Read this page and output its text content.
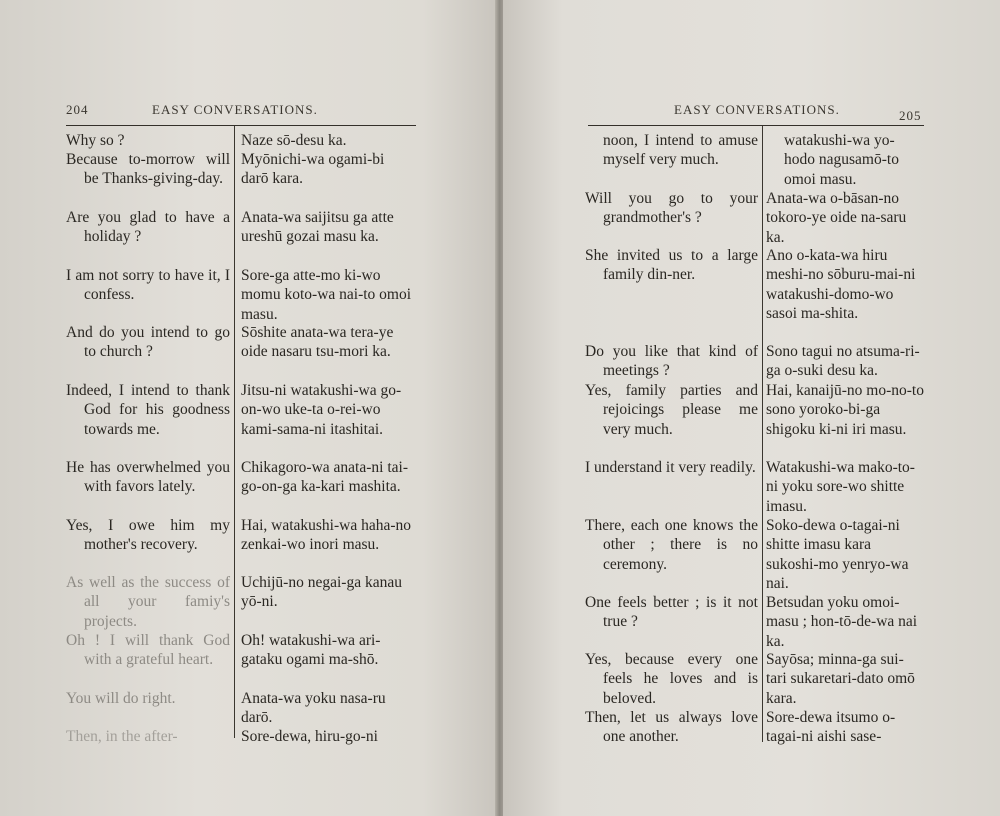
204	EASY CONVERSATIONS.
Why so ?
Because to-morrow will be Thanks-giving-day.
Are you glad to have a holiday ?
I am not sorry to have it, I confess.
And do you intend to go to church ?
Indeed, I intend to thank God for his goodness towards me.
He has overwhelmed you with favors lately.
Yes, I owe him my mother's recovery.
As well as the success of all your famiy's projects.
Oh ! I will thank God with a grateful heart.
You will do right.
Then, in the after-
Naze sō-desu ka.
Myōnichi-wa ogami-bi darō kara.
Anata-wa saijitsu ga atte ureshū gozai masu ka.
Sore-ga atte-mo ki-wo momu koto-wa nai-to omoi masu.
Sōshite anata-wa tera-ye oide nasaru tsu-mori ka.
Jitsu-ni watakushi-wa go-on-wo uke-ta o-rei-wo kami-sama-ni itashitai.
Chikagoro-wa anata-ni tai-go-on-ga ka-kari mashita.
Hai, watakushi-wa haha-no zenkai-wo inori masu.
Uchijū-no negai-ga kanau yō-ni.
Oh! watakushi-wa ari-gataku ogami ma-shō.
Anata-wa yoku nasa-ru darō.
Sore-dewa, hiru-go-ni
EASY CONVERSATIONS.	205
noon, I intend to amuse myself very much.
Will you go to your grandmother's ?
She invited us to a large family din-ner.
Do you like that kind of meetings ?
Yes, family parties and rejoicings please me very much.
I understand it very readily.
There, each one knows the other ; there is no ceremony.
One feels better ; is it not true ?
Yes, because every one feels he loves and is beloved.
Then, let us always love one another.
watakushi-wa yo-hodo nagusamō-to omoi masu.
Anata-wa o-bāsan-no tokoro-ye oide na-saru ka.
Ano o-kata-wa hiru meshi-no sōburu-mai-ni watakushi-domo-wo sasoi ma-shita.
Sono tagui no atsuma-ri-ga o-suki desu ka.
Hai, kanaijū-no mo-no-to sono yoroko-bi-ga shigoku ki-ni iri masu.
Watakushi-wa mako-to-ni yoku sore-wo shitte imasu.
Soko-dewa o-tagai-ni shitte imasu kara sukoshi-mo yenryo-wa nai.
Betsudan yoku omoi-masu ; hon-tō-de-wa nai ka.
Sayōsa; minna-ga sui-tari sukaretari-dato omō kara.
Sore-dewa itsumo o-tagai-ni aishi sase-
